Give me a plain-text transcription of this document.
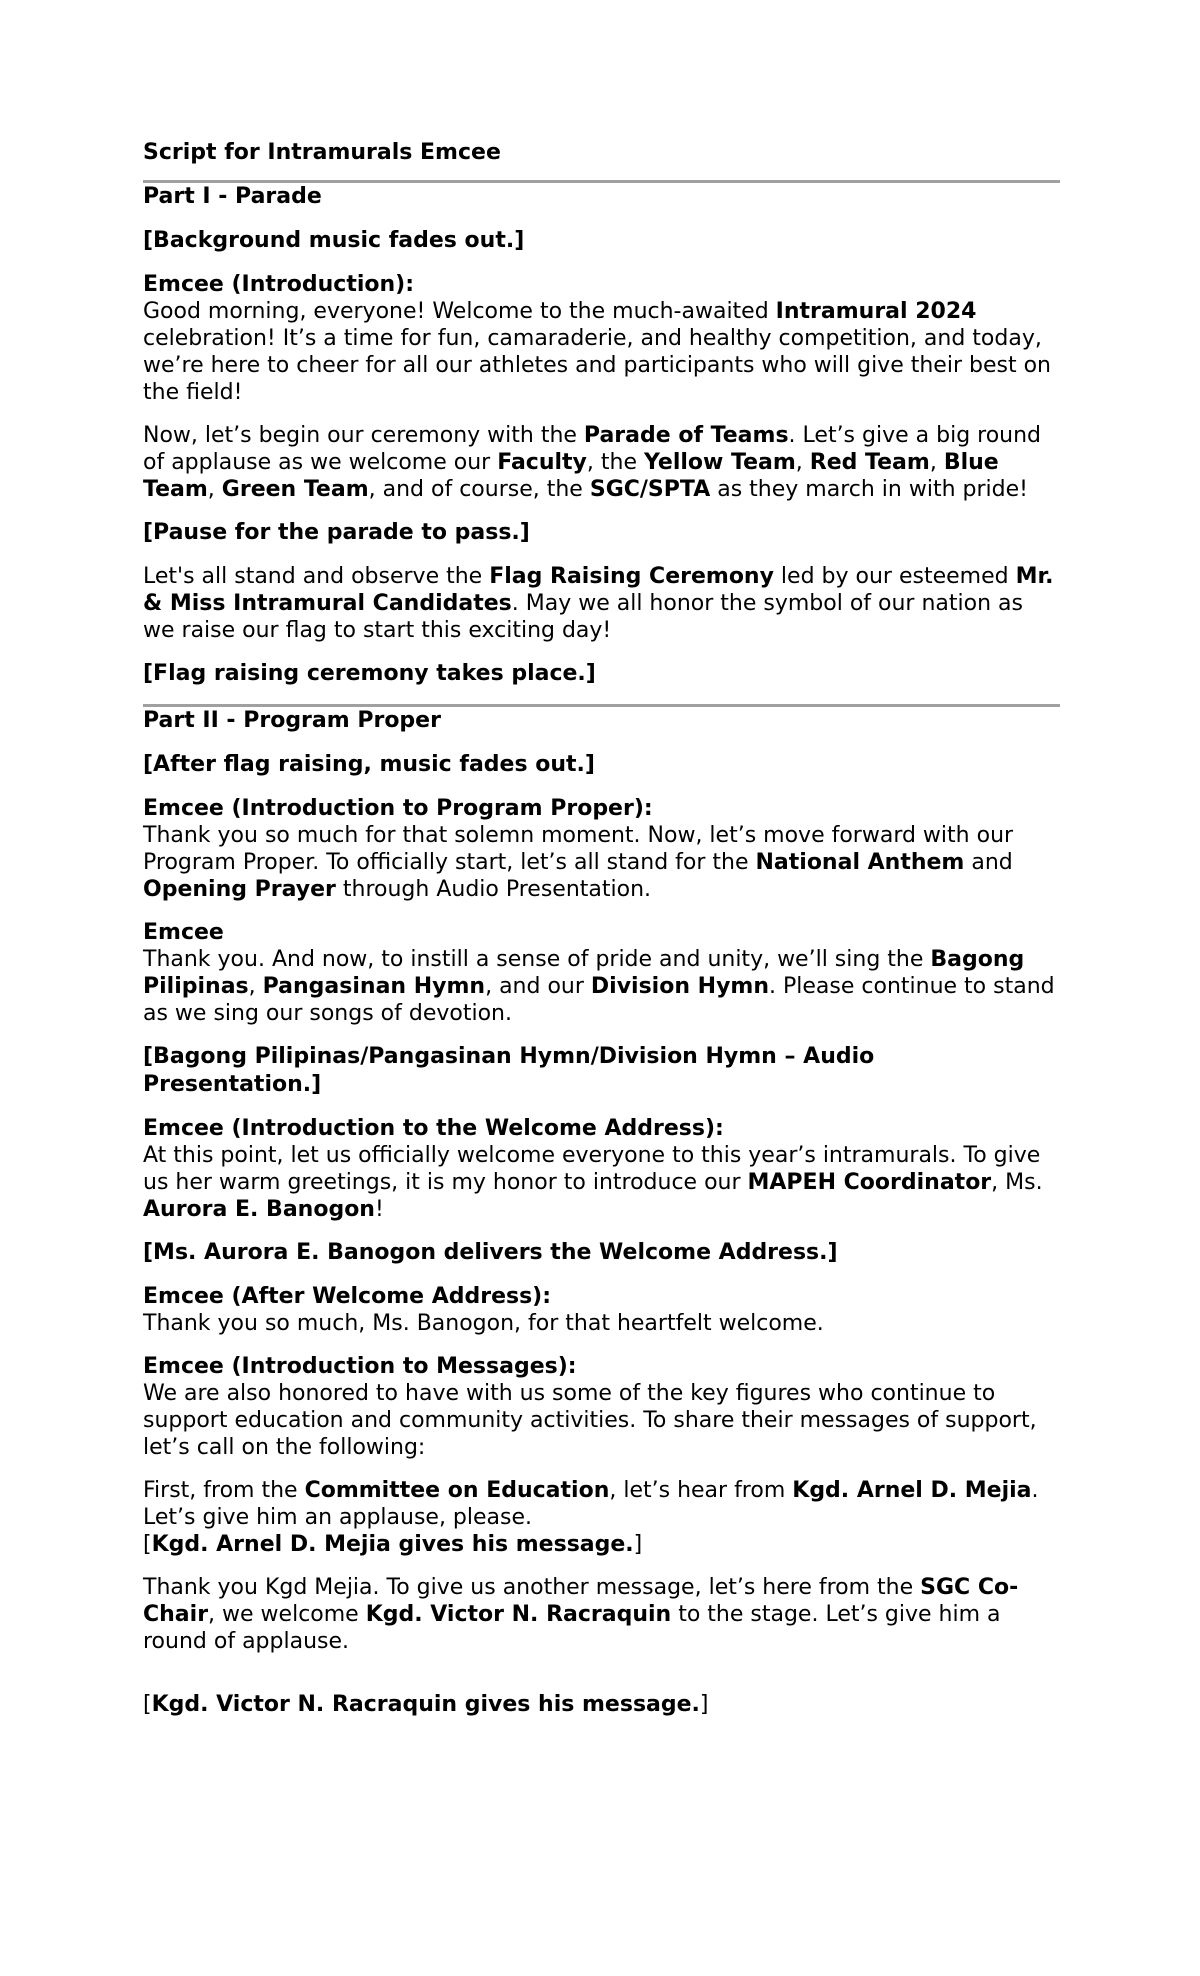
Script for Intramurals Emcee
Part I - Parade
[Background music fades out.]
Emcee (Introduction):
Good morning, everyone! Welcome to the much-awaited Intramural 2024 celebration! It’s a time for fun, camaraderie, and healthy competition, and today, we’re here to cheer for all our athletes and participants who will give their best on the field!
Now, let’s begin our ceremony with the Parade of Teams. Let’s give a big round of applause as we welcome our Faculty, the Yellow Team, Red Team, Blue Team, Green Team, and of course, the SGC/SPTA as they march in with pride!
[Pause for the parade to pass.]
Let's all stand and observe the Flag Raising Ceremony led by our esteemed Mr. & Miss Intramural Candidates. May we all honor the symbol of our nation as we raise our flag to start this exciting day!
[Flag raising ceremony takes place.]
Part II - Program Proper
[After flag raising, music fades out.]
Emcee (Introduction to Program Proper):
Thank you so much for that solemn moment. Now, let’s move forward with our Program Proper. To officially start, let’s all stand for the National Anthem and Opening Prayer through Audio Presentation.
Emcee
Thank you. And now, to instill a sense of pride and unity, we’ll sing the Bagong Pilipinas, Pangasinan Hymn, and our Division Hymn. Please continue to stand as we sing our songs of devotion.
[Bagong Pilipinas/Pangasinan Hymn/Division Hymn – Audio Presentation.]
Emcee (Introduction to the Welcome Address):
At this point, let us officially welcome everyone to this year’s intramurals. To give us her warm greetings, it is my honor to introduce our MAPEH Coordinator, Ms. Aurora E. Banogon!
[Ms. Aurora E. Banogon delivers the Welcome Address.]
Emcee (After Welcome Address):
Thank you so much, Ms. Banogon, for that heartfelt welcome.
Emcee (Introduction to Messages):
We are also honored to have with us some of the key figures who continue to support education and community activities. To share their messages of support, let’s call on the following:
First, from the Committee on Education, let’s hear from Kgd. Arnel D. Mejia. Let’s give him an applause, please.
[Kgd. Arnel D. Mejia gives his message.]
Thank you Kgd Mejia. To give us another message, let’s here from the SGC Co-Chair, we welcome Kgd. Victor N. Racraquin to the stage. Let’s give him a round of applause.
[Kgd. Victor N. Racraquin gives his message.]
